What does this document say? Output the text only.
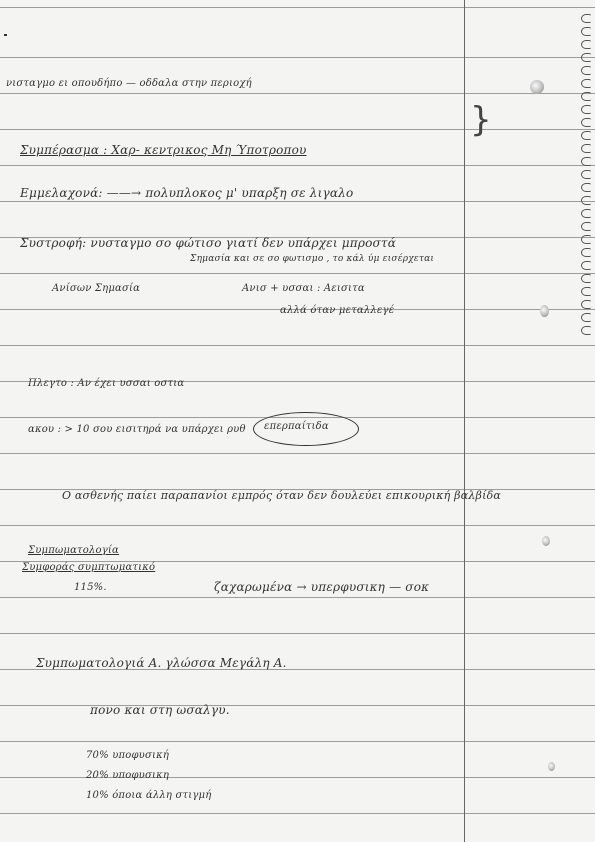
νισταγμο ει οπουδήπο — οδδαλα στην περιοχή
Συμπέρασμα : Χαρ- κεντρικος Μη Ύποτροπου
Εμμελαχονά: ——→ πολυπλοκος μ' υπαρξη σε λιγαλο
Συστροφή: νυσταγμο σο φώτισο γιατί δεν υπάρχει μπροστά
Σημασία και σε σο φωτισμο , το κάλ ύμ εισέρχεται
Ανίσων Σημασία	Ανισ + υσσαι : Αεισιτα
αλλά όταν μεταλλεγέ
Πλεγτο : Αν έχει υσσαι οστια
ακου : > 10 σου εισιτηρά να υπάρχει ρυθ επερπαίτιδα
Ο ασθενής παίει παραπανίοι εμπρός όταν δεν δουλεύει επικουρική βαλβίδα
Συμπωματολογία
Συμφοράς συμπτωματικό
115%.	ζαχαρωμένα → υπερφυσικη — σοκ
Συμπωματολογιά Α. γλώσσα Μεγάλη Α.
πονο και στη ωσαλγυ.
70% υποφυσική
20% υποφυσικη
10% όποια άλλη στιγμή
}
